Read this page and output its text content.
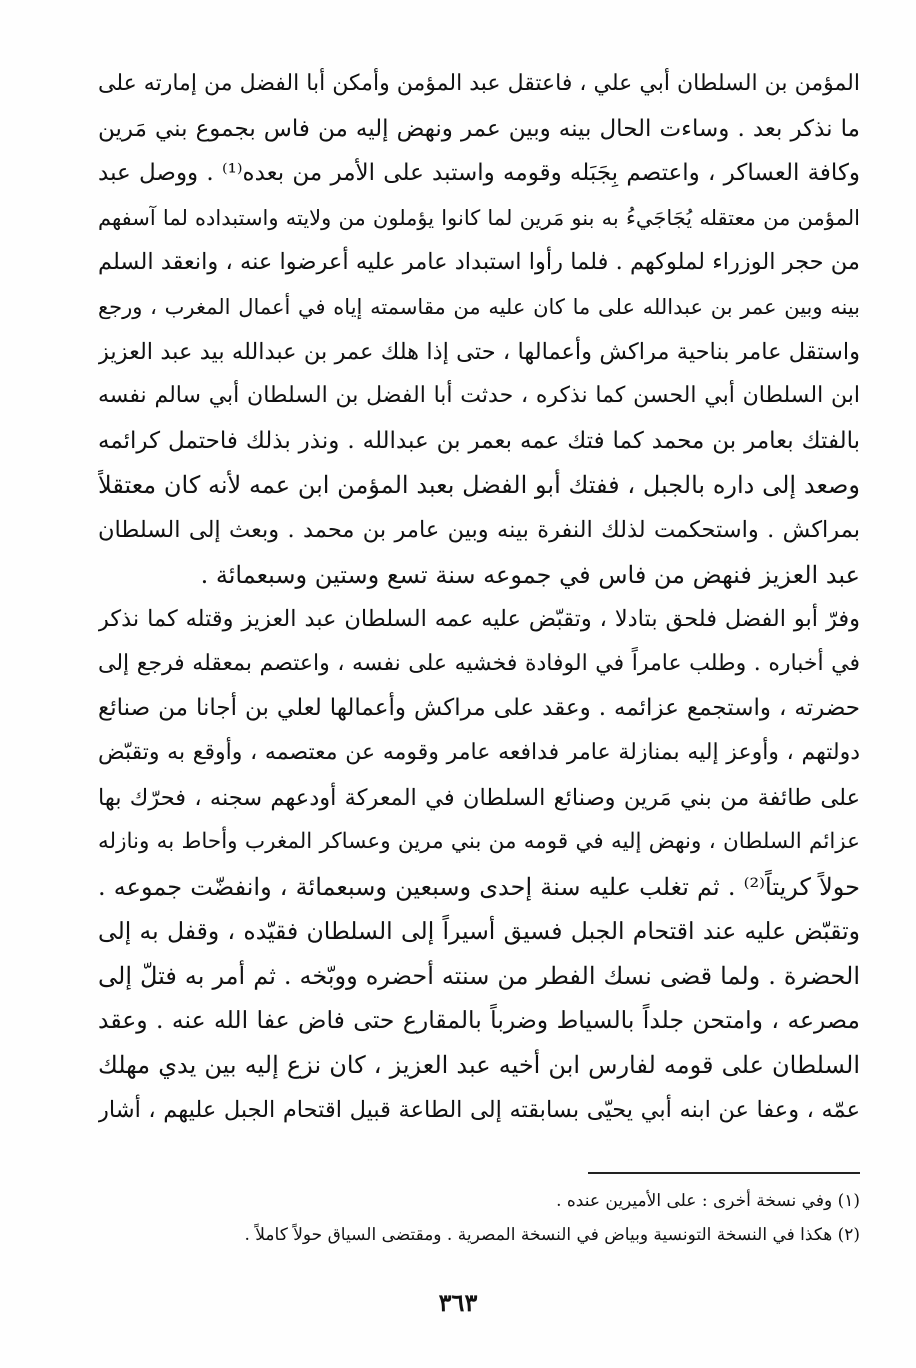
المؤمن بن السلطان أبي علي ، فاعتقل عبد المؤمن وأمكن أبا الفضل من إمارته على
ما نذكر بعد . وساءت الحال بينه وبين عمر ونهض إليه من فاس بجموع بني مَرين
وكافة العساكر ، واعتصم بِجَبَله وقومه واستبد على الأمر من بعده⁽¹⁾ . ووصل عبد
المؤمن من معتقله يُجَاجَيءُ به بنو مَرين لما كانوا يؤملون من ولايته واستبداده لما آسفهم
من حجر الوزراء لملوكهم . فلما رأوا استبداد عامر عليه أعرضوا عنه ، وانعقد السلم
بينه وبين عمر بن عبدالله على ما كان عليه من مقاسمته إياه في أعمال المغرب ، ورجع
واستقل عامر بناحية مراكش وأعمالها ، حتى إذا هلك عمر بن عبدالله بيد عبد العزيز
ابن السلطان أبي الحسن كما نذكره ، حدثت أبا الفضل بن السلطان أبي سالم نفسه
بالفتك بعامر بن محمد كما فتك عمه بعمر بن عبدالله . ونذر بذلك فاحتمل كرائمه
وصعد إلى داره بالجبل ، ففتك أبو الفضل بعبد المؤمن ابن عمه لأنه كان معتقلاً
بمراكش . واستحكمت لذلك النفرة بينه وبين عامر بن محمد . وبعث إلى السلطان
عبد العزيز فنهض من فاس في جموعه سنة تسع وستين وسبعمائة .
وفرّ أبو الفضل فلحق بتادلا ، وتقبّض عليه عمه السلطان عبد العزيز وقتله كما نذكر
في أخباره . وطلب عامراً في الوفادة فخشيه على نفسه ، واعتصم بمعقله فرجع إلى
حضرته ، واستجمع عزائمه . وعقد على مراكش وأعمالها لعلي بن أجانا من صنائع
دولتهم ، وأوعز إليه بمنازلة عامر فدافعه عامر وقومه عن معتصمه ، وأوقع به وتقبّض
على طائفة من بني مَرين وصنائع السلطان في المعركة أودعهم سجنه ، فحرّك بها
عزائم السلطان ، ونهض إليه في قومه من بني مرين وعساكر المغرب وأحاط به ونازله
حولاً كريتاً⁽²⁾ . ثم تغلب عليه سنة إحدى وسبعين وسبعمائة ، وانفضّت جموعه .
وتقبّض عليه عند اقتحام الجبل فسيق أسيراً إلى السلطان فقيّده ، وقفل به إلى
الحضرة . ولما قضى نسك الفطر من سنته أحضره ووبّخه . ثم أمر به فتلّ إلى
مصرعه ، وامتحن جلداً بالسياط وضرباً بالمقارع حتى فاض عفا الله عنه . وعقد
السلطان على قومه لفارس ابن أخيه عبد العزيز ، كان نزع إليه بين يدي مهلك
عمّه ، وعفا عن ابنه أبي يحيّى بسابقته إلى الطاعة قبيل اقتحام الجبل عليهم ، أشار
(١) وفي نسخة أخرى : على الأميرين عنده .
(٢) هكذا في النسخة التونسية وبياض في النسخة المصرية . ومقتضى السياق حولاً كاملاً .
٣٦٣
